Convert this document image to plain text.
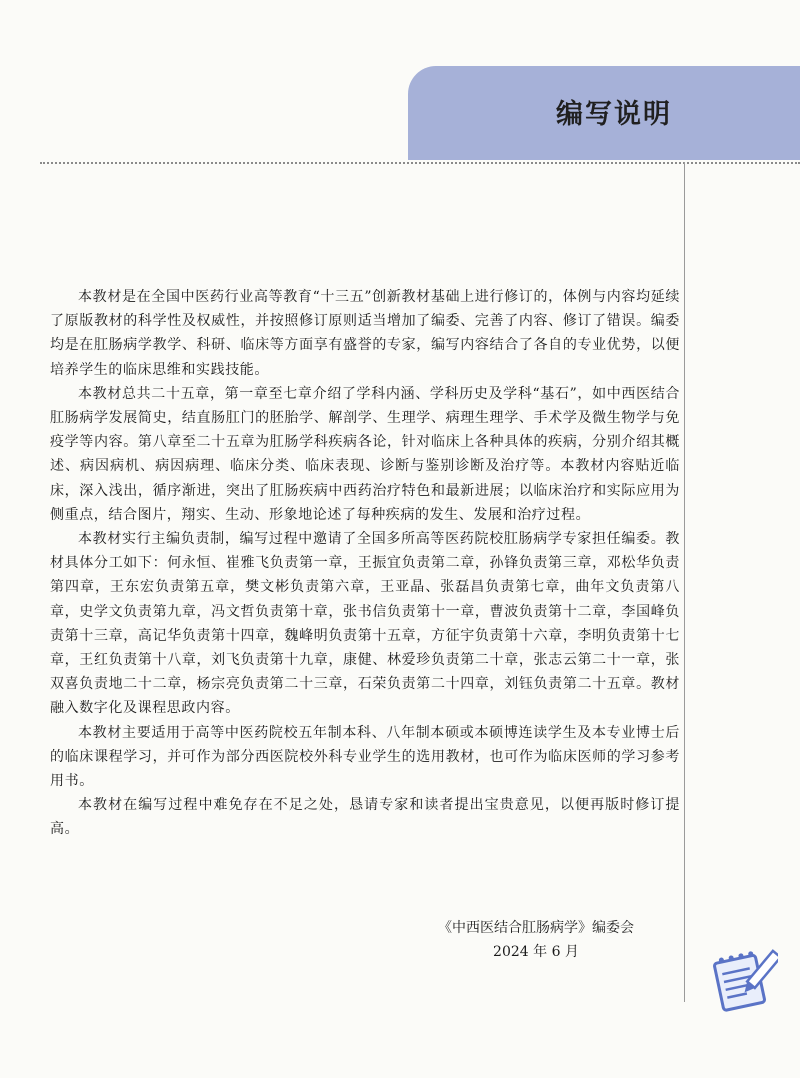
编写说明

本教材是在全国中医药行业高等教育“十三五”创新教材基础上进行修订的，体例与内容均延续了原版教材的科学性及权威性，并按照修订原则适当增加了编委、完善了内容、修订了错误。编委均是在肛肠病学教学、科研、临床等方面享有盛誉的专家，编写内容结合了各自的专业优势，以便培养学生的临床思维和实践技能。

本教材总共二十五章，第一章至七章介绍了学科内涵、学科历史及学科“基石”，如中西医结合肛肠病学发展简史，结直肠肛门的胚胎学、解剖学、生理学、病理生理学、手术学及微生物学与免疫学等内容。第八章至二十五章为肛肠学科疾病各论，针对临床上各种具体的疾病，分别介绍其概述、病因病机、病因病理、临床分类、临床表现、诊断与鉴别诊断及治疗等。本教材内容贴近临床，深入浅出，循序渐进，突出了肛肠疾病中西药治疗特色和最新进展；以临床治疗和实际应用为侧重点，结合图片，翔实、生动、形象地论述了每种疾病的发生、发展和治疗过程。

本教材实行主编负责制，编写过程中邀请了全国多所高等医药院校肛肠病学专家担任编委。教材具体分工如下：何永恒、崔雅飞负责第一章，王振宜负责第二章，孙锋负责第三章，邓松华负责第四章，王东宏负责第五章，樊文彬负责第六章，王亚晶、张磊昌负责第七章，曲年文负责第八章，史学文负责第九章，冯文哲负责第十章，张书信负责第十一章，曹波负责第十二章，李国峰负责第十三章，高记华负责第十四章，魏峰明负责第十五章，方征宇负责第十六章，李明负责第十七章，王红负责第十八章，刘飞负责第十九章，康健、林爱珍负责第二十章，张志云第二十一章，张双喜负责地二十二章，杨宗亮负责第二十三章，石荣负责第二十四章，刘钰负责第二十五章。教材融入数字化及课程思政内容。

本教材主要适用于高等中医药院校五年制本科、八年制本硕或本硕博连读学生及本专业博士后的临床课程学习，并可作为部分西医院校外科专业学生的选用教材，也可作为临床医师的学习参考用书。

本教材在编写过程中难免存在不足之处，恳请专家和读者提出宝贵意见，以便再版时修订提高。

《中西医结合肛肠病学》编委会
2024 年 6 月
